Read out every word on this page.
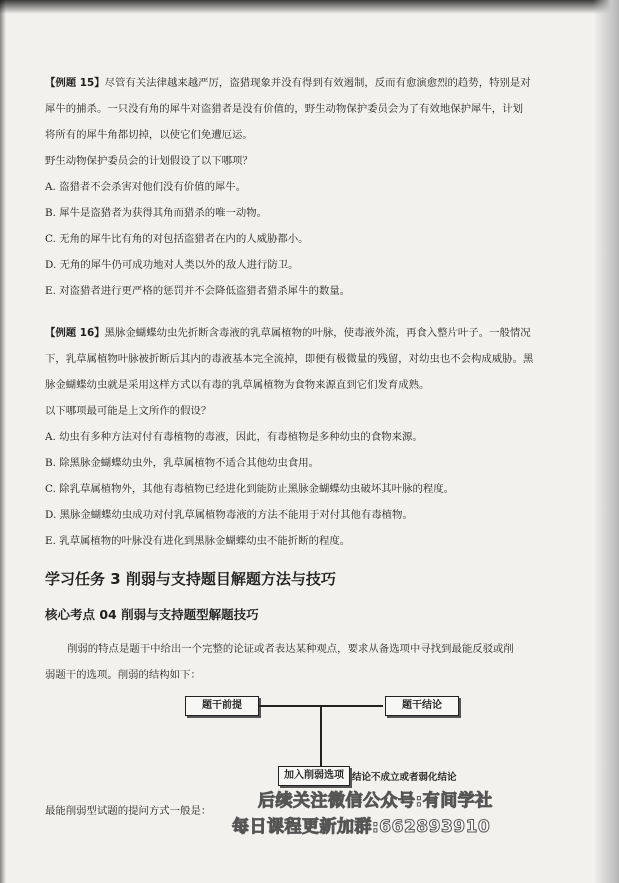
【例题 15】尽管有关法律越来越严厉，盗猎现象并没有得到有效遏制，反而有愈演愈烈的趋势，特别是对

犀牛的捕杀。一只没有角的犀牛对盗猎者是没有价值的，野生动物保护委员会为了有效地保护犀牛，计划

将所有的犀牛角都切掉，以使它们免遭厄运。

野生动物保护委员会的计划假设了以下哪项？

A. 盗猎者不会杀害对他们没有价值的犀牛。

B. 犀牛是盗猎者为获得其角而猎杀的唯一动物。

C. 无角的犀牛比有角的对包括盗猎者在内的人威胁都小。

D. 无角的犀牛仍可成功地对人类以外的敌人进行防卫。

E. 对盗猎者进行更严格的惩罚并不会降低盗猎者猎杀犀牛的数量。

【例题 16】黑脉金蝴蝶幼虫先折断含毒液的乳草属植物的叶脉，使毒液外流，再食入整片叶子。一般情况

下，乳草属植物叶脉被折断后其内的毒液基本完全流掉，即便有极微量的残留，对幼虫也不会构成威胁。黑

脉金蝴蝶幼虫就是采用这样方式以有毒的乳草属植物为食物来源直到它们发育成熟。

以下哪项最可能是上文所作的假设？

A. 幼虫有多种方法对付有毒植物的毒液，因此，有毒植物是多种幼虫的食物来源。

B. 除黑脉金蝴蝶幼虫外，乳草属植物不适合其他幼虫食用。

C. 除乳草属植物外，其他有毒植物已经进化到能防止黑脉金蝴蝶幼虫破坏其叶脉的程度。

D. 黑脉金蝴蝶幼虫成功对付乳草属植物毒液的方法不能用于对付其他有毒植物。

E. 乳草属植物的叶脉没有进化到黑脉金蝴蝶幼虫不能折断的程度。

学习任务 3 削弱与支持题目解题方法与技巧
核心考点 04 削弱与支持题型解题技巧

削弱的特点是题干中给出一个完整的论证或者表达某种观点，要求从备选项中寻找到最能反驳或削

弱题干的选项。削弱的结构如下：

题干前提	题干结论
加入削弱选项 结论不成立或者弱化结论

最能削弱型试题的提问方式一般是：	后续关注微信公众号:有间学社
每日课程更新加群:662893910
